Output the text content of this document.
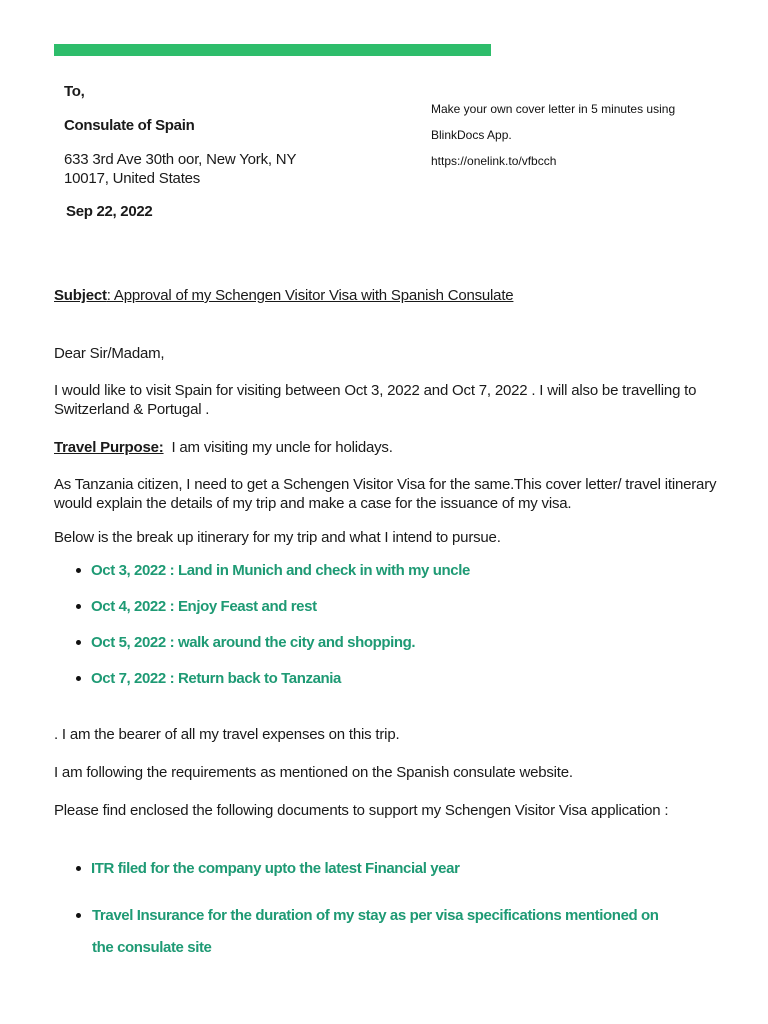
To,
Consulate of Spain
633 3rd Ave 30th oor, New York, NY
10017, United States
Sep 22, 2022
Make your own cover letter in 5 minutes using
BlinkDocs App.
https://onelink.to/vfbcch
Subject: Approval of my Schengen Visitor Visa with Spanish Consulate
Dear Sir/Madam,
I would like to visit Spain for visiting between Oct 3, 2022 and Oct 7, 2022 . I will also be travelling to
Switzerland & Portugal .
Travel Purpose: I am visiting my uncle for holidays.
As Tanzania citizen, I need to get a Schengen Visitor Visa for the same.This cover letter/ travel itinerary
would explain the details of my trip and make a case for the issuance of my visa.
Below is the break up itinerary for my trip and what I intend to pursue.
Oct 3, 2022 : Land in Munich and check in with my uncle
Oct 4, 2022 : Enjoy Feast and rest
Oct 5, 2022 : walk around the city and shopping.
Oct 7, 2022 : Return back to Tanzania
. I am the bearer of all my travel expenses on this trip.
I am following the requirements as mentioned on the Spanish consulate website.
Please find enclosed the following documents to support my Schengen Visitor Visa application :
ITR filed for the company upto the latest Financial year
Travel Insurance for the duration of my stay as per visa specifications mentioned on the consulate site
